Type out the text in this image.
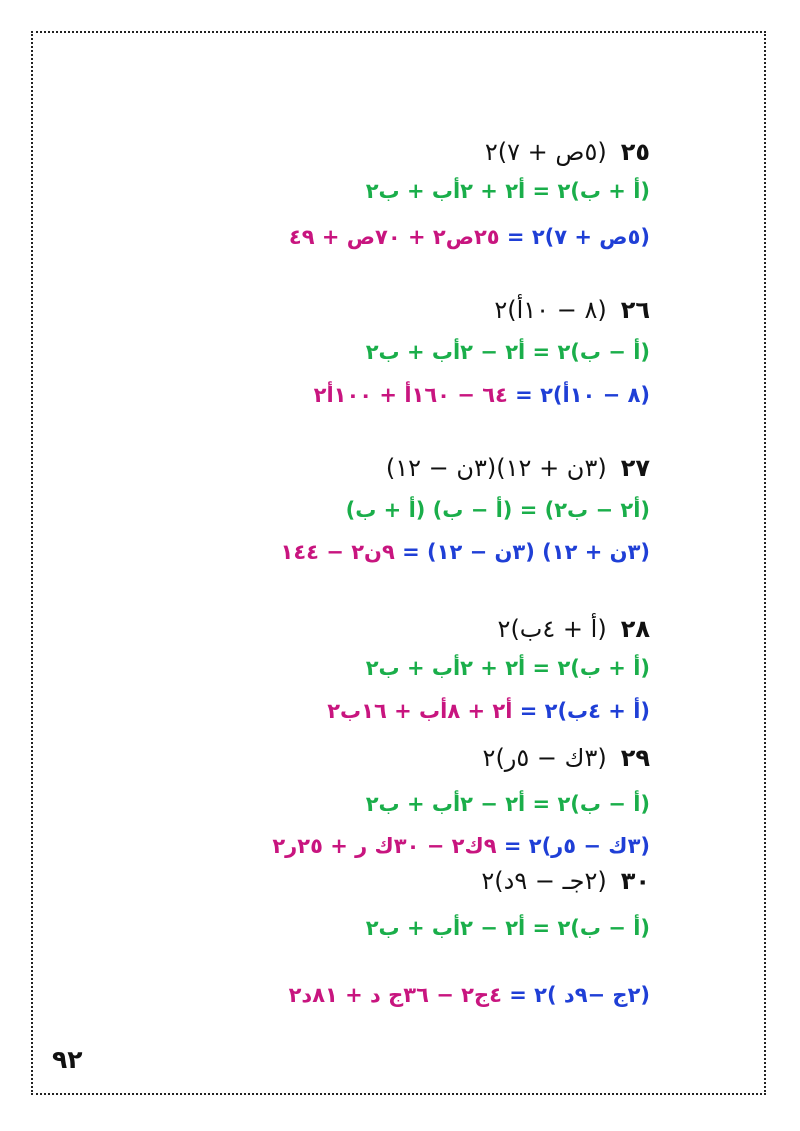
٢٥(٥ص + ٧)٢
(أ + ب)٢ = أ٢ + ٢أب + ب٢
(٥ص + ٧)٢ = ٢٥ص٢ + ٧٠ص + ٤٩
٢٦(٨ − ١٠أ)٢
(أ − ب)٢ = أ٢ − ٢أب + ب٢
(٨ − ١٠أ)٢ = ٦٤ − ١٦٠أ + ١٠٠أ٢
٢٧(٣ن + ١٢)(٣ن − ١٢)
(أ٢ − ب٢) = (أ − ب) (أ + ب)
(٣ن + ١٢) (٣ن − ١٢) = ٩ن٢ − ١٤٤
٢٨(أ + ٤ب)٢
(أ + ب)٢ = أ٢ + ٢أب + ب٢
(أ + ٤ب)٢ = أ٢ + ٨أب + ١٦ب٢
٢٩(٣ك − ٥ر)٢
(أ − ب)٢ = أ٢ − ٢أب + ب٢
(٣ك − ٥ر)٢ = ٩ك٢ − ٣٠ك ر + ٢٥ر٢
٣٠(٢جـ − ٩د)٢
(أ − ب)٢ = أ٢ − ٢أب + ب٢
(٢ج −٩د )٢ = ٤ج٢ − ٣٦ج د + ٨١د٢
٩٢
